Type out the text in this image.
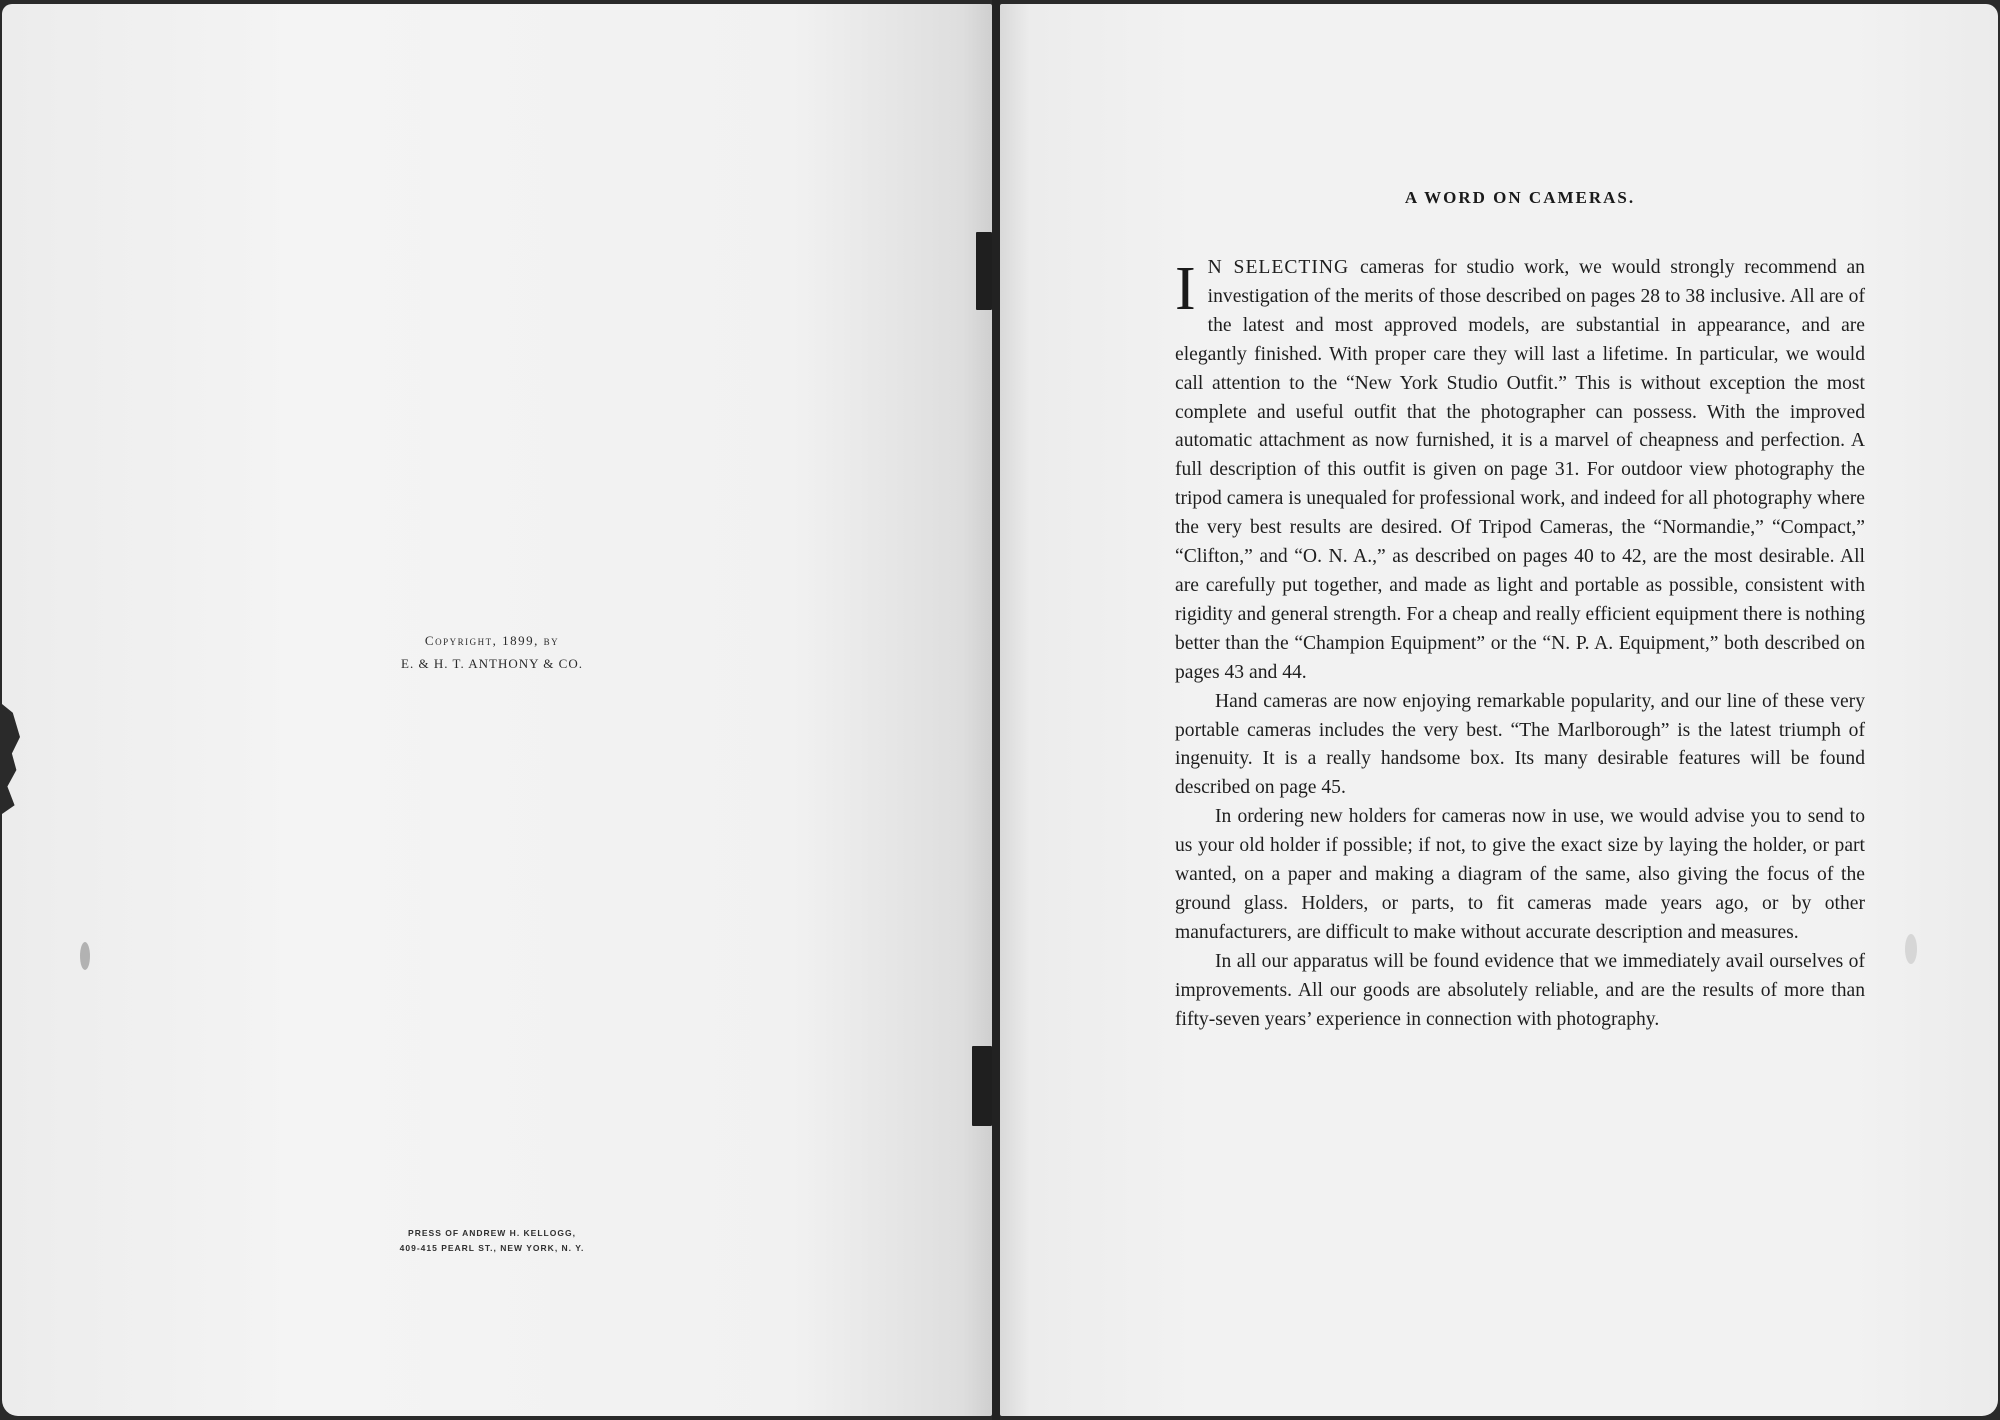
Copyright, 1899, by
E. & H. T. ANTHONY & CO.
PRESS OF ANDREW H. KELLOGG,
409-415 PEARL ST., NEW YORK, N. Y.
A WORD ON CAMERAS.

I N SELECTING cameras for studio work, we would strongly recommend an investigation of the merits of those described on pages 28 to 38 inclusive. All are of the latest and most approved models, are substantial in appearance, and are elegantly finished. With proper care they will last a lifetime. In particular, we would call attention to the “New York Studio Outfit.” This is without exception the most complete and useful outfit that the photographer can possess. With the improved automatic attachment as now furnished, it is a marvel of cheapness and perfection. A full description of this outfit is given on page 31. For outdoor view photography the tripod camera is unequaled for professional work, and indeed for all photography where the very best results are desired. Of Tripod Cameras, the “Normandie,” “Compact,” “Clifton,” and “O. N. A.,” as described on pages 40 to 42, are the most desirable. All are carefully put together, and made as light and portable as possible, consistent with rigidity and general strength. For a cheap and really efficient equipment there is nothing better than the “Champion Equipment” or the “N. P. A. Equipment,” both described on pages 43 and 44.

Hand cameras are now enjoying remarkable popularity, and our line of these very portable cameras includes the very best. “The Marlborough” is the latest triumph of ingenuity. It is a really handsome box. Its many desirable features will be found described on page 45.

In ordering new holders for cameras now in use, we would advise you to send to us your old holder if possible; if not, to give the exact size by laying the holder, or part wanted, on a paper and making a diagram of the same, also giving the focus of the ground glass. Holders, or parts, to fit cameras made years ago, or by other manufacturers, are difficult to make without accurate description and measures.

In all our apparatus will be found evidence that we immediately avail ourselves of improvements. All our goods are absolutely reliable, and are the results of more than fifty-seven years’ experience in connection with photography.
